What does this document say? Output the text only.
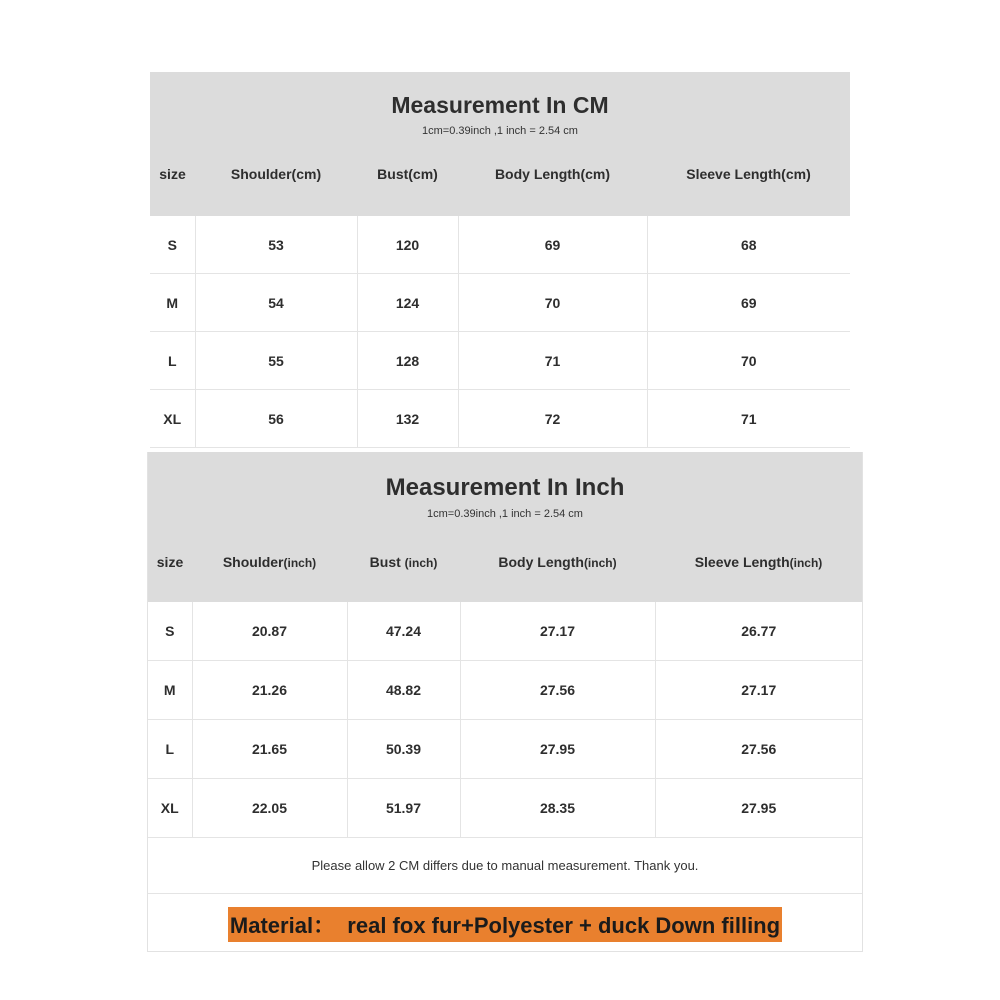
Measurement In CM
1cm=0.39inch ,1 inch = 2.54 cm
size	Shoulder(cm)	Bust(cm)	Body Length(cm)	Sleeve Length(cm)
S	53	120	69	68
M	54	124	70	69
L	55	128	71	70
XL	56	132	72	71
Measurement In Inch
1cm=0.39inch ,1 inch = 2.54 cm
size	Shoulder(inch)	Bust (inch)	Body Length(inch)	Sleeve Length(inch)
S	20.87	47.24	27.17	26.77
M	21.26	48.82	27.56	27.17
L	21.65	50.39	27.95	27.56
XL	22.05	51.97	28.35	27.95
Please allow 2 CM differs due to manual measurement. Thank you.
Material：  real fox fur+Polyester + duck Down filling
